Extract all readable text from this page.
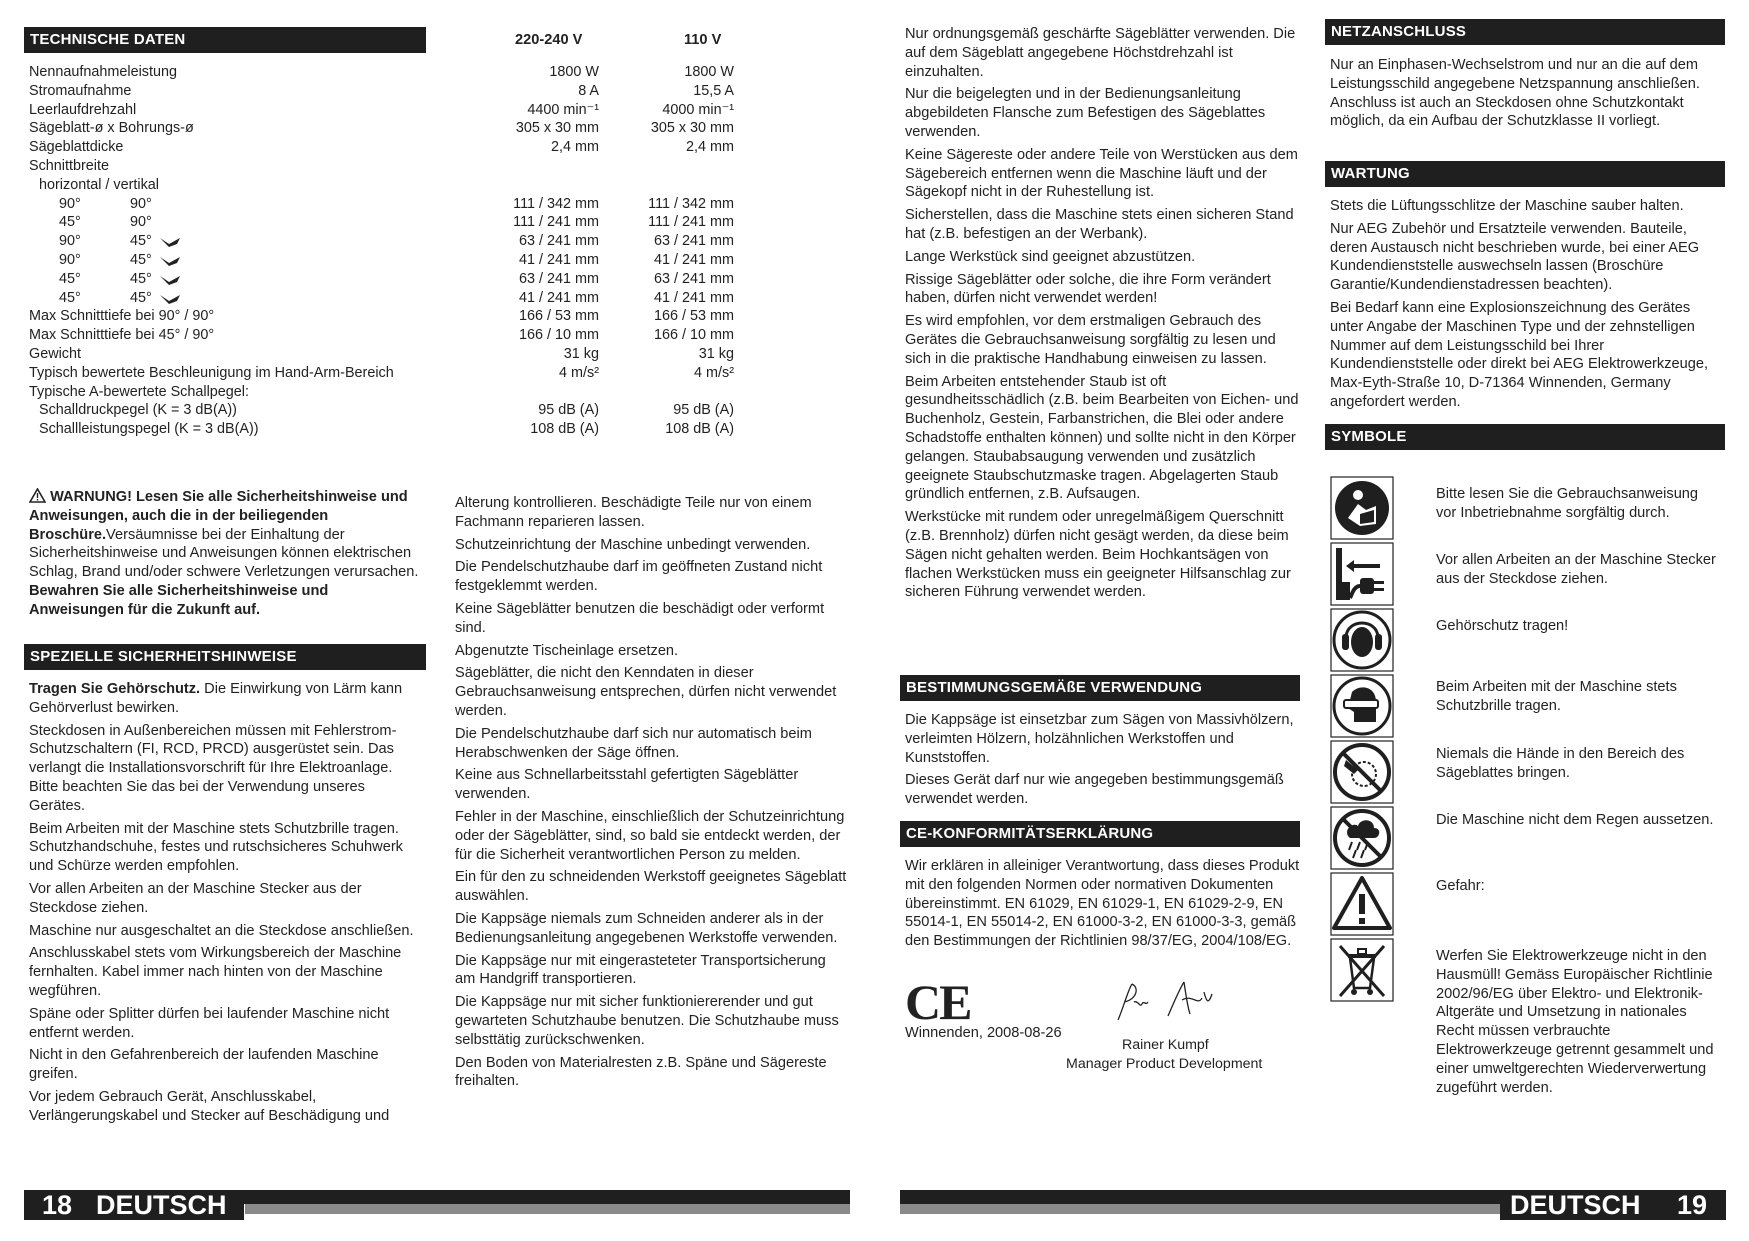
TECHNISCHE DATEN	220-240 V	110 V
Nennaufnahmeleistung	1800 W	1800 W
Stromaufnahme	8 A	15,5 A
Leerlaufdrehzahl	4400 min⁻¹	4000 min⁻¹
Sägeblatt-ø x Bohrungs-ø	305 x 30 mm	305 x 30 mm
Sägeblattdicke	2,4 mm	2,4 mm
Schnittbreite
horizontal / vertikal
90°	90°	111 / 342 mm	111 / 342 mm
45°	90°	111 / 241 mm	111 / 241 mm
90°	45°	63 / 241 mm	63 / 241 mm
90°	45°	41 / 241 mm	41 / 241 mm
45°	45°	63 / 241 mm	63 / 241 mm
45°	45°	41 / 241 mm	41 / 241 mm
Max Schnitttiefe bei 90° / 90°	166 / 53 mm	166 / 53 mm
Max Schnitttiefe bei 45° / 90°	166 / 10 mm	166 / 10 mm
Gewicht	31 kg	31 kg
Typisch bewertete Beschleunigung im Hand-Arm-Bereich	4 m/s²	4 m/s²
Typische A-bewertete Schallpegel:
Schalldruckpegel (K = 3 dB(A))	95 dB (A)	95 dB (A)
Schallleistungspegel (K = 3 dB(A))	108 dB (A)	108 dB (A)

WARNUNG! Lesen Sie alle Sicherheitshinweise und Anweisungen, auch die in der beiliegenden Broschüre.Versäumnisse bei der Einhaltung der Sicherheitshinweise und Anweisungen können elektrischen Schlag, Brand und/oder schwere Verletzungen verursachen.

Bewahren Sie alle Sicherheitshinweise und Anweisungen für die Zukunft auf.

SPEZIELLE SICHERHEITSHINWEISE

Tragen Sie Gehörschutz. Die Einwirkung von Lärm kann Gehörverlust bewirken.

Steckdosen in Außenbereichen müssen mit Fehlerstrom-Schutzschaltern (FI, RCD, PRCD) ausgerüstet sein. Das verlangt die Installationsvorschrift für Ihre Elektroanlage. Bitte beachten Sie das bei der Verwendung unseres Gerätes.

Beim Arbeiten mit der Maschine stets Schutzbrille tragen. Schutzhandschuhe, festes und rutschsicheres Schuhwerk und Schürze werden empfohlen.

Vor allen Arbeiten an der Maschine Stecker aus der Steckdose ziehen.

Maschine nur ausgeschaltet an die Steckdose anschließen.

Anschlusskabel stets vom Wirkungsbereich der Maschine fernhalten. Kabel immer nach hinten von der Maschine wegführen.

Späne oder Splitter dürfen bei laufender Maschine nicht entfernt werden.

Nicht in den Gefahrenbereich der laufenden Maschine greifen.

Vor jedem Gebrauch Gerät, Anschlusskabel, Verlängerungskabel und Stecker auf Beschädigung und

Alterung kontrollieren. Beschädigte Teile nur von einem Fachmann reparieren lassen.

Schutzeinrichtung der Maschine unbedingt verwenden.

Die Pendelschutzhaube darf im geöffneten Zustand nicht festgeklemmt werden.

Keine Sägeblätter benutzen die beschädigt oder verformt sind.

Abgenutzte Tischeinlage ersetzen.

Sägeblätter, die nicht den Kenndaten in dieser Gebrauchsanweisung entsprechen, dürfen nicht verwendet werden.

Die Pendelschutzhaube darf sich nur automatisch beim Herabschwenken der Säge öffnen.

Keine aus Schnellarbeitsstahl gefertigten Sägeblätter verwenden.

Fehler in der Maschine, einschließlich der Schutzeinrichtung oder der Sägeblätter, sind, so bald sie entdeckt werden, der für die Sicherheit verantwortlichen Person zu melden.

Ein für den zu schneidenden Werkstoff geeignetes Sägeblatt auswählen.

Die Kappsäge niemals zum Schneiden anderer als in der Bedienungsanleitung angegebenen Werkstoffe verwenden.

Die Kappsäge nur mit eingerasteteter Transportsicherung am Handgriff transportieren.

Die Kappsäge nur mit sicher funktioniererender und gut gewarteten Schutzhaube benutzen. Die Schutzhaube muss selbsttätig zurückschwenken.

Den Boden von Materialresten z.B. Späne und Sägereste freihalten.

Nur ordnungsgemäß geschärfte Sägeblätter verwenden. Die auf dem Sägeblatt angegebene Höchstdrehzahl ist einzuhalten.

Nur die beigelegten und in der Bedienungsanleitung abgebildeten Flansche zum Befestigen des Sägeblattes verwenden.

Keine Sägereste oder andere Teile von Werstücken aus dem Sägebereich entfernen wenn die Maschine läuft und der Sägekopf nicht in der Ruhestellung ist.

Sicherstellen, dass die Maschine stets einen sicheren Stand hat (z.B. befestigen an der Werbank).

Lange Werkstück sind geeignet abzustützen.

Rissige Sägeblätter oder solche, die ihre Form verändert haben, dürfen nicht verwendet werden!

Es wird empfohlen, vor dem erstmaligen Gebrauch des Gerätes die Gebrauchsanweisung sorgfältig zu lesen und sich in die praktische Handhabung einweisen zu lassen.

Beim Arbeiten entstehender Staub ist oft gesundheitsschädlich (z.B. beim Bearbeiten von Eichen- und Buchenholz, Gestein, Farbanstrichen, die Blei oder andere Schadstoffe enthalten können) und sollte nicht in den Körper gelangen. Staubabsaugung verwenden und zusätzlich geeignete Staubschutzmaske tragen. Abgelagerten Staub gründlich entfernen, z.B. Aufsaugen.

Werkstücke mit rundem oder unregelmäßigem Querschnitt (z.B. Brennholz) dürfen nicht gesägt werden, da diese beim Sägen nicht gehalten werden. Beim Hochkantsägen von flachen Werkstücken muss ein geeigneter Hilfsanschlag zur sicheren Führung verwendet werden.

BESTIMMUNGSGEMÄßE VERWENDUNG

Die Kappsäge ist einsetzbar zum Sägen von Massivhölzern, verleimten Hölzern, holzähnlichen Werkstoffen und Kunststoffen.

Dieses Gerät darf nur wie angegeben bestimmungsgemäß verwendet werden.

CE-KONFORMITÄTSERKLÄRUNG

Wir erklären in alleiniger Verantwortung, dass dieses Produkt mit den folgenden Normen oder normativen Dokumenten übereinstimmt. EN 61029, EN 61029-1, EN 61029-2-9, EN 55014-1, EN 55014-2, EN 61000-3-2, EN 61000-3-3, gemäß den Bestimmungen der Richtlinien 98/37/EG, 2004/108/EG.

CE
Winnenden, 2008-08-26
Rainer Kumpf
Manager Product Development
NETZANSCHLUSS

Nur an Einphasen-Wechselstrom und nur an die auf dem Leistungsschild angegebene Netzspannung anschließen. Anschluss ist auch an Steckdosen ohne Schutzkontakt möglich, da ein Aufbau der Schutzklasse II vorliegt.

WARTUNG

Stets die Lüftungsschlitze der Maschine sauber halten.

Nur AEG Zubehör und Ersatzteile verwenden. Bauteile, deren Austausch nicht beschrieben wurde, bei einer AEG Kundendienststelle auswechseln lassen (Broschüre Garantie/Kundendienstadressen beachten).

Bei Bedarf kann eine Explosionszeichnung des Gerätes unter Angabe der Maschinen Type und der zehnstelligen Nummer auf dem Leistungsschild bei Ihrer Kundendienststelle oder direkt bei AEG Elektrowerkzeuge, Max-Eyth-Straße 10, D-71364 Winnenden, Germany angefordert werden.

SYMBOLE
Bitte lesen Sie die Gebrauchsanweisung vor Inbetriebnahme sorgfältig durch.
Vor allen Arbeiten an der Maschine Stecker aus der Steckdose ziehen.
Gehörschutz tragen!
Beim Arbeiten mit der Maschine stets Schutzbrille tragen.
Niemals die Hände in den Bereich des Sägeblattes bringen.
Die Maschine nicht dem Regen aussetzen.
Gefahr:
Werfen Sie Elektrowerkzeuge nicht in den Hausmüll! Gemäss Europäischer Richtlinie 2002/96/EG über Elektro- und Elektronik- Altgeräte und Umsetzung in nationales Recht müssen verbrauchte Elektrowerkzeuge getrennt gesammelt und einer umweltgerechten Wiederverwertung zugeführt werden.
18 DEUTSCH	DEUTSCH 19
